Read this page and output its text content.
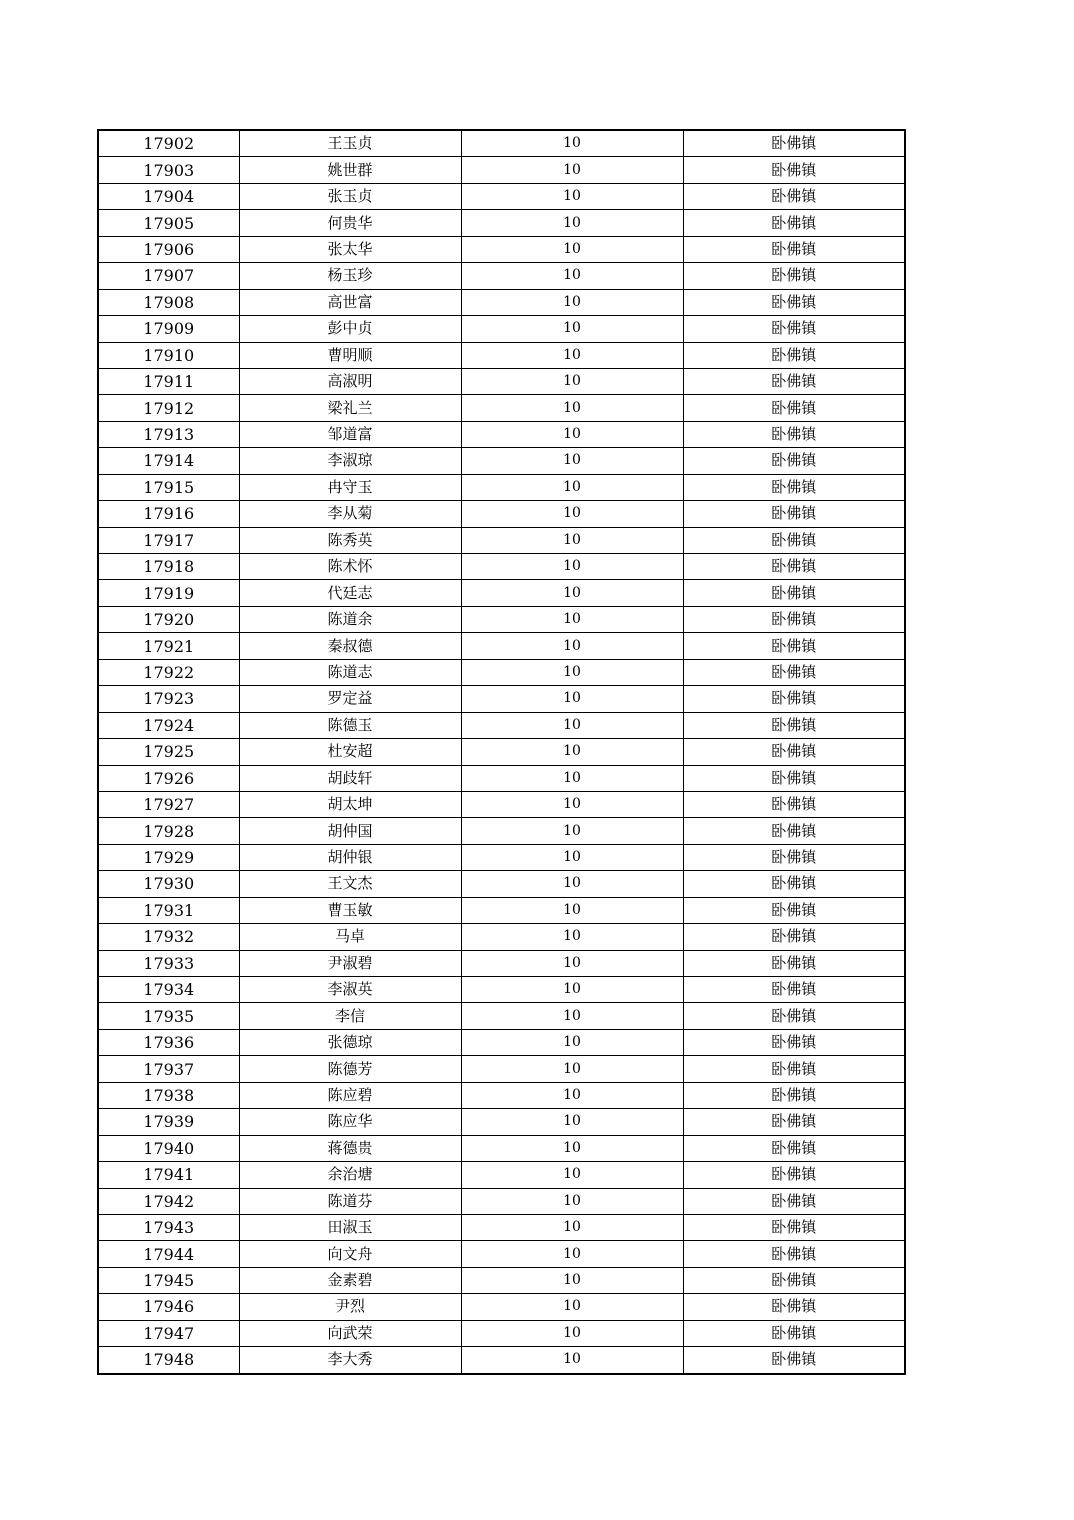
17902	王玉贞	10	卧佛镇
17903	姚世群	10	卧佛镇
17904	张玉贞	10	卧佛镇
17905	何贵华	10	卧佛镇
17906	张太华	10	卧佛镇
17907	杨玉珍	10	卧佛镇
17908	高世富	10	卧佛镇
17909	彭中贞	10	卧佛镇
17910	曹明顺	10	卧佛镇
17911	高淑明	10	卧佛镇
17912	梁礼兰	10	卧佛镇
17913	邹道富	10	卧佛镇
17914	李淑琼	10	卧佛镇
17915	冉守玉	10	卧佛镇
17916	李从菊	10	卧佛镇
17917	陈秀英	10	卧佛镇
17918	陈术怀	10	卧佛镇
17919	代廷志	10	卧佛镇
17920	陈道余	10	卧佛镇
17921	秦叔德	10	卧佛镇
17922	陈道志	10	卧佛镇
17923	罗定益	10	卧佛镇
17924	陈德玉	10	卧佛镇
17925	杜安超	10	卧佛镇
17926	胡歧轩	10	卧佛镇
17927	胡太坤	10	卧佛镇
17928	胡仲国	10	卧佛镇
17929	胡仲银	10	卧佛镇
17930	王文杰	10	卧佛镇
17931	曹玉敏	10	卧佛镇
17932	马卓	10	卧佛镇
17933	尹淑碧	10	卧佛镇
17934	李淑英	10	卧佛镇
17935	李信	10	卧佛镇
17936	张德琼	10	卧佛镇
17937	陈德芳	10	卧佛镇
17938	陈应碧	10	卧佛镇
17939	陈应华	10	卧佛镇
17940	蒋德贵	10	卧佛镇
17941	余治塘	10	卧佛镇
17942	陈道芬	10	卧佛镇
17943	田淑玉	10	卧佛镇
17944	向文舟	10	卧佛镇
17945	金素碧	10	卧佛镇
17946	尹烈	10	卧佛镇
17947	向武荣	10	卧佛镇
17948	李大秀	10	卧佛镇
